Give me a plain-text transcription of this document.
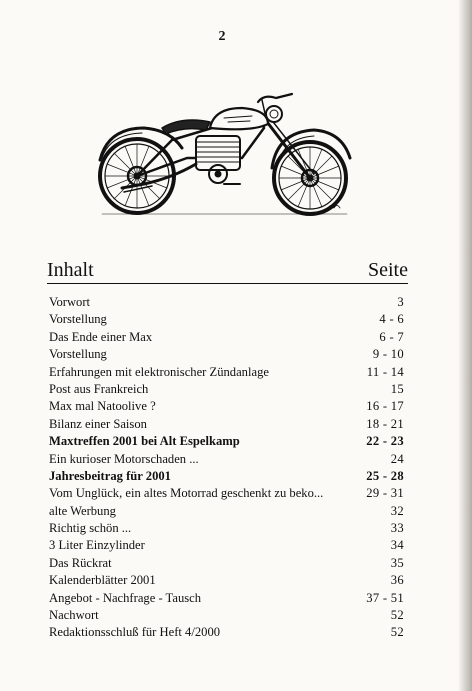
2
Inhalt	Seite
Vorwort	3
Vorstellung	4 - 6
Das Ende einer Max	6 - 7
Vorstellung	9 - 10
Erfahrungen mit elektronischer Zündanlage	11 - 14
Post aus Frankreich	15
Max mal Natoolive ?	16 - 17
Bilanz einer Saison	18 - 21
Maxtreffen 2001 bei Alt Espelkamp	22 - 23
Ein kurioser Motorschaden ...	24
Jahresbeitrag für 2001	25 - 28
Vom Unglück, ein altes Motorrad geschenkt zu beko...	29 - 31
alte Werbung	32
Richtig schön ...	33
3 Liter Einzylinder	34
Das Rückrat	35
Kalenderblätter 2001	36
Angebot - Nachfrage - Tausch	37 - 51
Nachwort	52
Redaktionsschluß für Heft 4/2000	52
